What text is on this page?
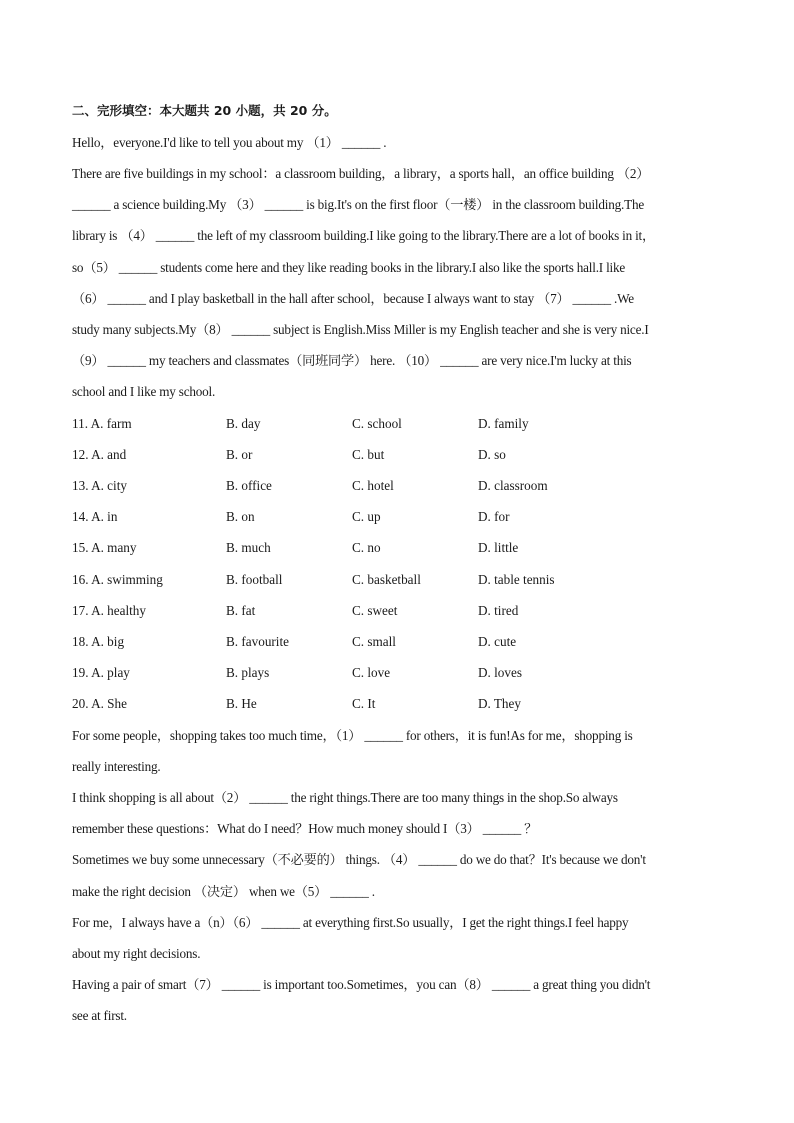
二、完形填空：本大题共 20 小题，共 20 分。
Hello，everyone.I'd like to tell you about my （1） ______ .
There are five buildings in my school：a classroom building，a library，a sports hall，an office building （2）
______ a science building.My （3） ______ is big.It's on the first floor（一楼） in the classroom building.The
library is （4） ______ the left of my classroom building.I like going to the library.There are a lot of books in it，
so（5） ______ students come here and they like reading books in the library.I also like the sports hall.I like
（6） ______ and I play basketball in the hall after school，because I always want to stay （7） ______ .We
study many subjects.My（8） ______ subject is English.Miss Miller is my English teacher and she is very nice.I
（9） ______ my teachers and classmates（同班同学） here. （10） ______ are very nice.I'm lucky at this
school and I like my school.
11. A. farm	B. day	C. school	D. family
12. A. and	B. or	C. but	D. so
13. A. city	B. office	C. hotel	D. classroom
14. A. in	B. on	C. up	D. for
15. A. many	B. much	C. no	D. little
16. A. swimming	B. football	C. basketball	D. table tennis
17. A. healthy	B. fat	C. sweet	D. tired
18. A. big	B. favourite	C. small	D. cute
19. A. play	B. plays	C. love	D. loves
20. A. She	B. He	C. It	D. They
For some people，shopping takes too much time，（1） ______ for others，it is fun!As for me，shopping is
really interesting.
I think shopping is all about（2） ______ the right things.There are too many things in the shop.So always
remember these questions：What do I need？How much money should I（3） ______ ？
Sometimes we buy some unnecessary（不必要的） things. （4） ______ do we do that？It's because we don't
make the right decision （决定） when we（5） ______ .
For me，I always have a（n）（6） ______ at everything first.So usually，I get the right things.I feel happy
about my right decisions.
Having a pair of smart（7） ______ is important too.Sometimes，you can（8） ______ a great thing you didn't
see at first.
